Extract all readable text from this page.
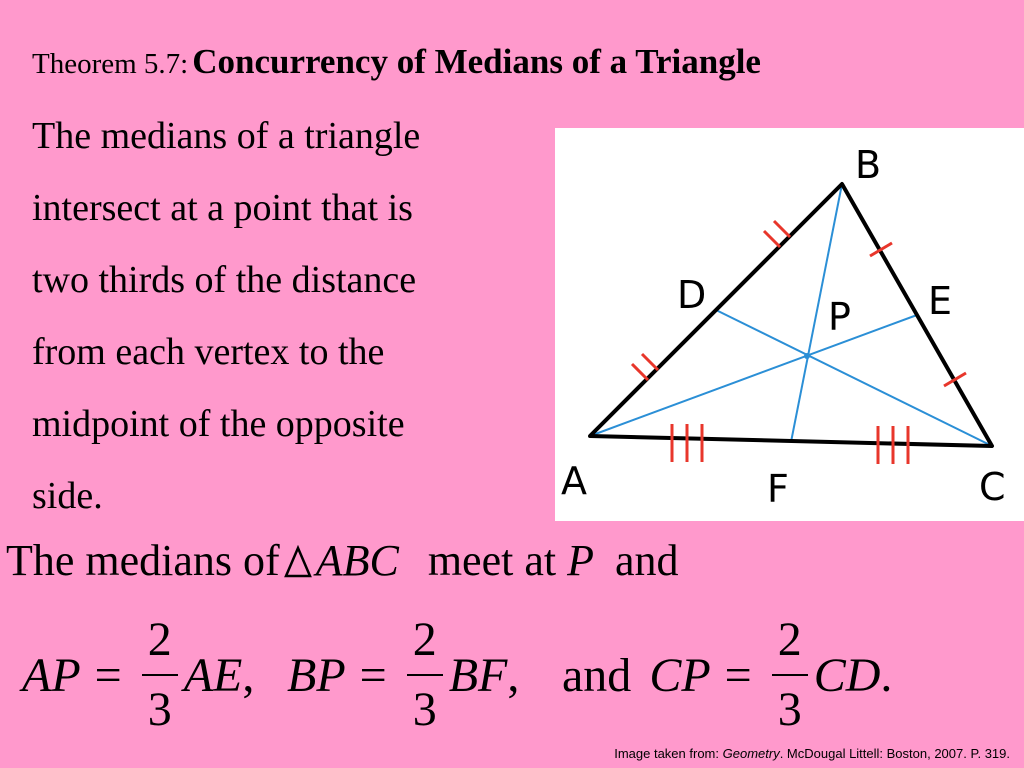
Theorem 5.7: Concurrency of Medians of a Triangle
The medians of a triangle
intersect at a point that is
two thirds of the distance
from each vertex to the
midpoint of the opposite
side.	A
B
C
D	E
F
P
The medians of ABC meet at P and
AP = $\frac{2}{3}$ AE , BP = $\frac{2}{3}$ BF , and CP = $\frac{2}{3}$ CD .
Image taken from: Geometry. McDougal Littell: Boston, 2007. P. 319.
